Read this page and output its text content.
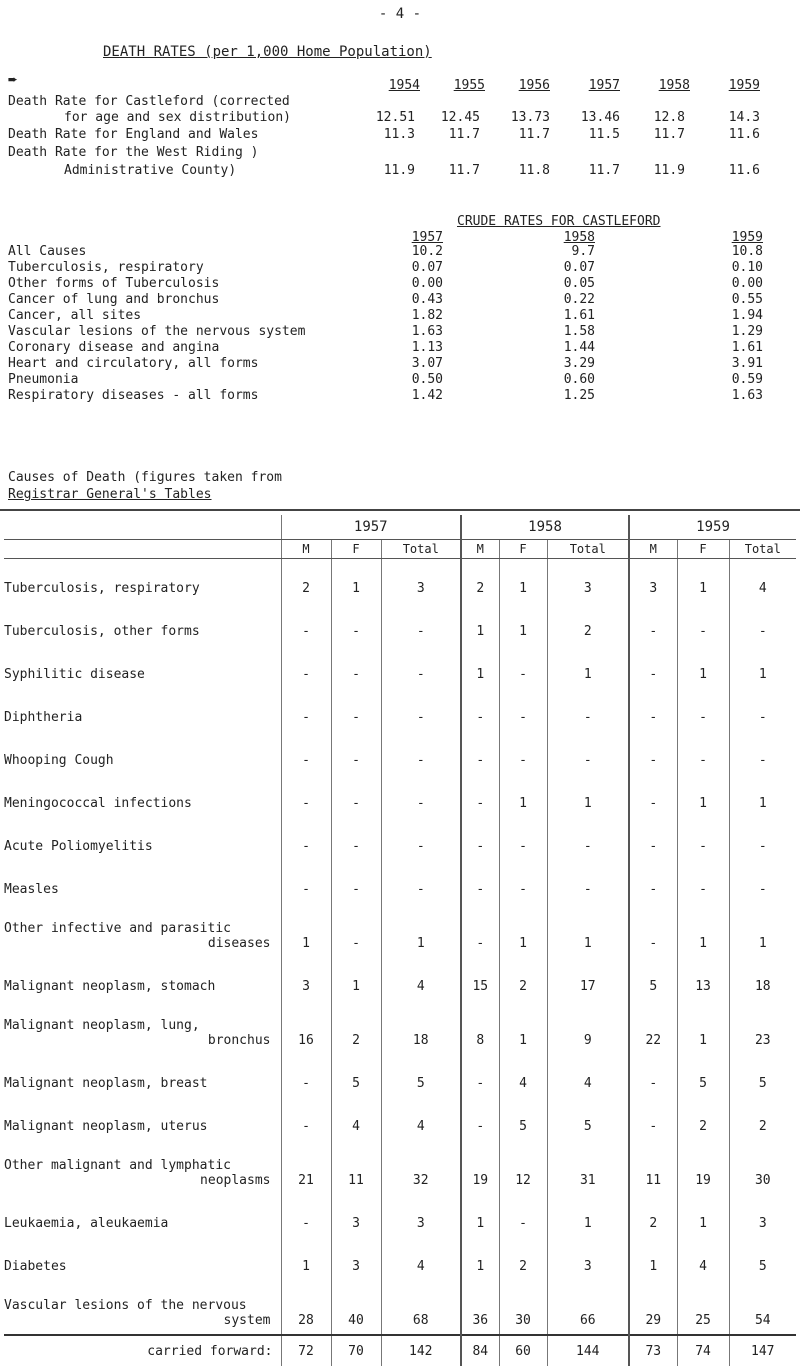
- 4 -
DEATH RATES (per 1,000 Home Population)
➨	1954	1955	1956	1957	1958	1959
Death Rate for Castleford (corrected
for age and sex distribution)	12.51	12.45	13.73	13.46	12.8	14.3
Death Rate for England and Wales	11.3	11.7	11.7	11.5	11.7	11.6
Death Rate for the West Riding )
Administrative County)	11.9	11.7	11.8	11.7	11.9	11.6
CRUDE RATES FOR CASTLEFORD
1957	1958	1959
All Causes	10.2	9.7	10.8
Tuberculosis, respiratory	0.07	0.07	0.10
Other forms of Tuberculosis	0.00	0.05	0.00
Cancer of lung and bronchus	0.43	0.22	0.55
Cancer, all sites	1.82	1.61	1.94
Vascular lesions of the nervous system	1.63	1.58	1.29
Coronary disease and angina	1.13	1.44	1.61
Heart and circulatory, all forms	3.07	3.29	3.91
Pneumonia	0.50	0.60	0.59
Respiratory diseases - all forms	1.42	1.25	1.63
Causes of Death (figures taken from
Registrar General's Tables
	1957			1958			1959		
	M	F	Total	M	F	Total	M	F	Total
Tuberculosis, respiratory	2	1	3	2	1	3	3	1	4
Tuberculosis, other forms	-	-	-	1	1	2	-	-	-
Syphilitic disease	-	-	-	1	-	1	-	1	1
Diphtheria	-	-	-	-	-	-	-	-	-
Whooping Cough	-	-	-	-	-	-	-	-	-
Meningococcal infections	-	-	-	-	1	1	-	1	1
Acute Poliomyelitis	-	-	-	-	-	-	-	-	-
Measles	-	-	-	-	-	-	-	-	-

Other infective and parasitic
diseases	1	-	1	-	1	1	-	1	1
Malignant neoplasm, stomach	3	1	4	15	2	17	5	13	18

Malignant neoplasm, lung,
bronchus	16	2	18	8	1	9	22	1	23
Malignant neoplasm, breast	-	5	5	-	4	4	-	5	5
Malignant neoplasm, uterus	-	4	4	-	5	5	-	2	2

Other malignant and lymphatic
neoplasms	21	11	32	19	12	31	11	19	30
Leukaemia, aleukaemia	-	3	3	1	-	1	2	1	3
Diabetes	1	3	4	1	2	3	1	4	5

Vascular lesions of the nervous
system	28	40	68	36	30	66	29	25	54
carried forward:	72	70	142	84	60	144	73	74	147
